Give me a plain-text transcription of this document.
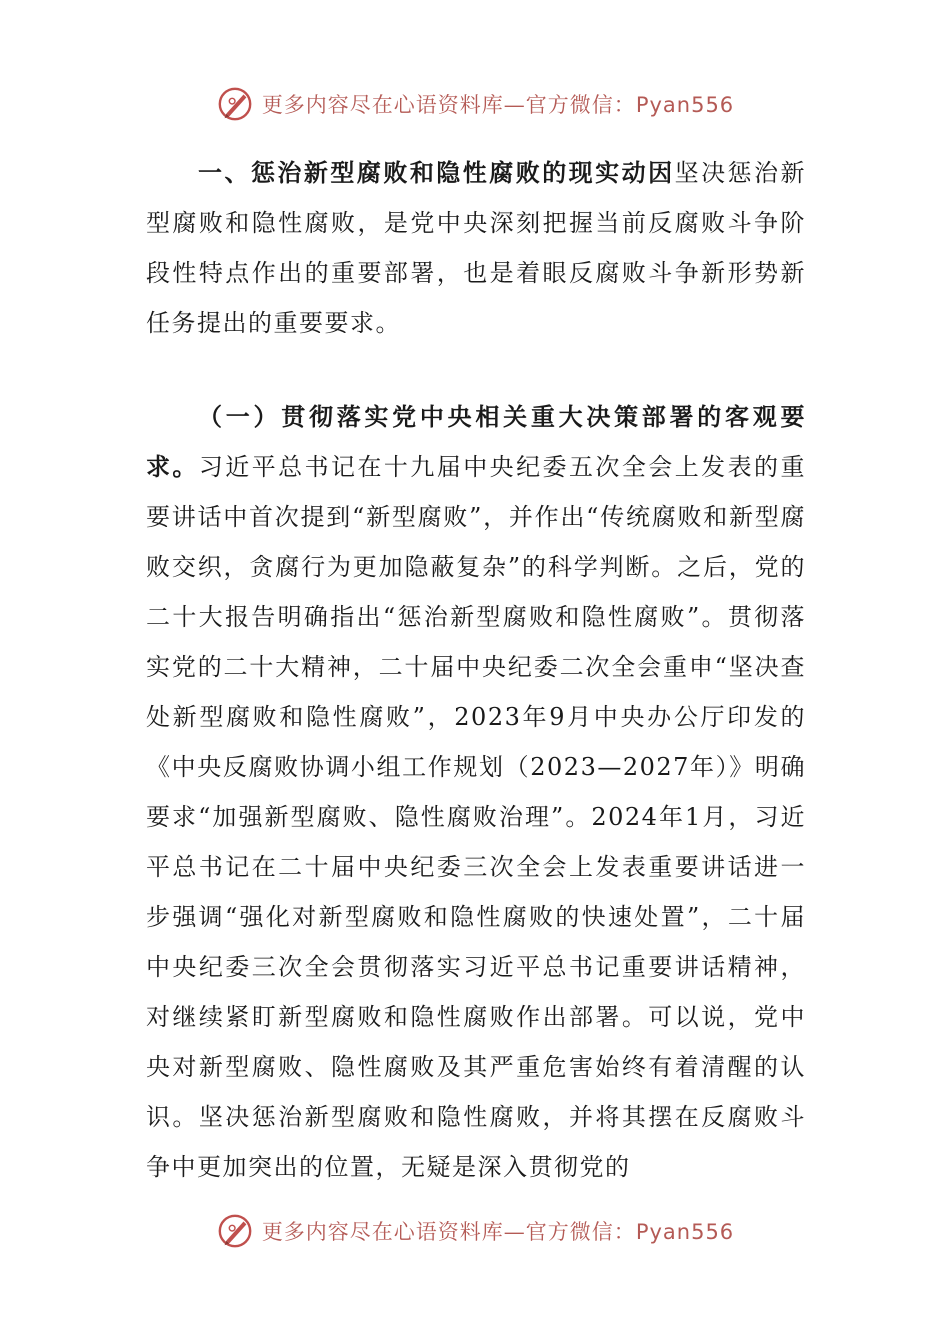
更多内容尽在心语资料库—官方微信：Pyan556

一、惩治新型腐败和隐性腐败的现实动因坚决惩治新型腐败和隐性腐败，是党中央深刻把握当前反腐败斗争阶段性特点作出的重要部署，也是着眼反腐败斗争新形势新任务提出的重要要求。

（一）贯彻落实党中央相关重大决策部署的客观要求。习近平总书记在十九届中央纪委五次全会上发表的重要讲话中首次提到“新型腐败”，并作出“传统腐败和新型腐败交织，贪腐行为更加隐蔽复杂”的科学判断。之后，党的二十大报告明确指出“惩治新型腐败和隐性腐败”。贯彻落实党的二十大精神，二十届中央纪委二次全会重申“坚决查处新型腐败和隐性腐败”，2023年9月中央办公厅印发的《中央反腐败协调小组工作规划（2023—2027年）》明确要求“加强新型腐败、隐性腐败治理”。2024年1月，习近平总书记在二十届中央纪委三次全会上发表重要讲话进一步强调“强化对新型腐败和隐性腐败的快速处置”，二十届中央纪委三次全会贯彻落实习近平总书记重要讲话精神，对继续紧盯新型腐败和隐性腐败作出部署。可以说，党中央对新型腐败、隐性腐败及其严重危害始终有着清醒的认识。坚决惩治新型腐败和隐性腐败，并将其摆在反腐败斗争中更加突出的位置，无疑是深入贯彻党的

更多内容尽在心语资料库—官方微信：Pyan556
